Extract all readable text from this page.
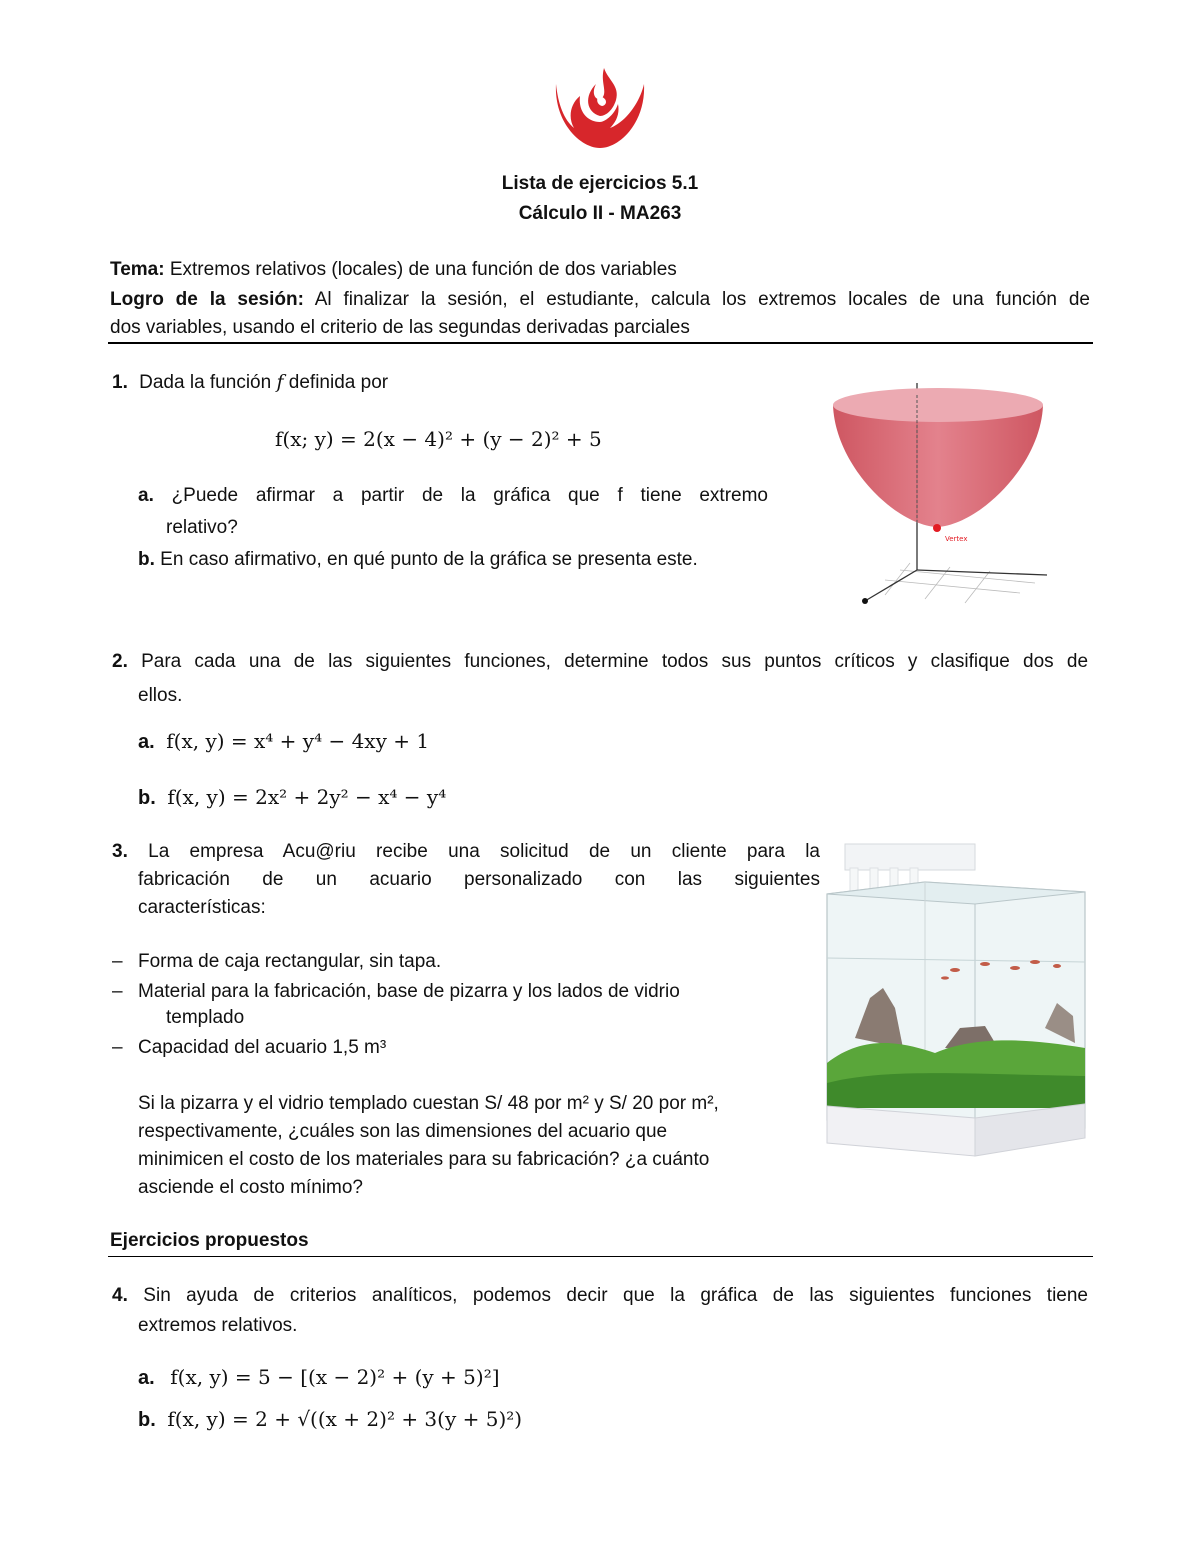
Lista de ejercicios 5.1
Cálculo II - MA263
Tema: Extremos relativos (locales) de una función de dos variables
Logro de la sesión: Al finalizar la sesión, el estudiante, calcula los extremos locales de una función de
dos variables, usando el criterio de las segundas derivadas parciales
1. Dada la función f definida por
f(x; y) = 2(x − 4)² + (y − 2)² + 5
a. ¿Puede afirmar a partir de la gráfica que f tiene extremo
relativo?
b. En caso afirmativo, en qué punto de la gráfica se presenta este.
Vertex
2. Para cada una de las siguientes funciones, determine todos sus puntos críticos y clasifique dos de
ellos.
a. f(x, y) = x⁴ + y⁴ − 4xy + 1
b. f(x, y) = 2x² + 2y² − x⁴ − y⁴
3. La empresa Acu@riu recibe una solicitud de un cliente para la
fabricación de un acuario personalizado con las siguientes
características:
– Forma de caja rectangular, sin tapa.
– Material para la fabricación, base de pizarra y los lados de vidrio
templado
– Capacidad del acuario 1,5 m³
Si la pizarra y el vidrio templado cuestan S/ 48 por m² y S/ 20 por m²,
respectivamente, ¿cuáles son las dimensiones del acuario que
minimicen el costo de los materiales para su fabricación? ¿a cuánto
asciende el costo mínimo?
Ejercicios propuestos
4. Sin ayuda de criterios analíticos, podemos decir que la gráfica de las siguientes funciones tiene
extremos relativos.
a. f(x, y) = 5 − [(x − 2)² + (y + 5)²]
b. f(x, y) = 2 + √((x + 2)² + 3(y + 5)²)
